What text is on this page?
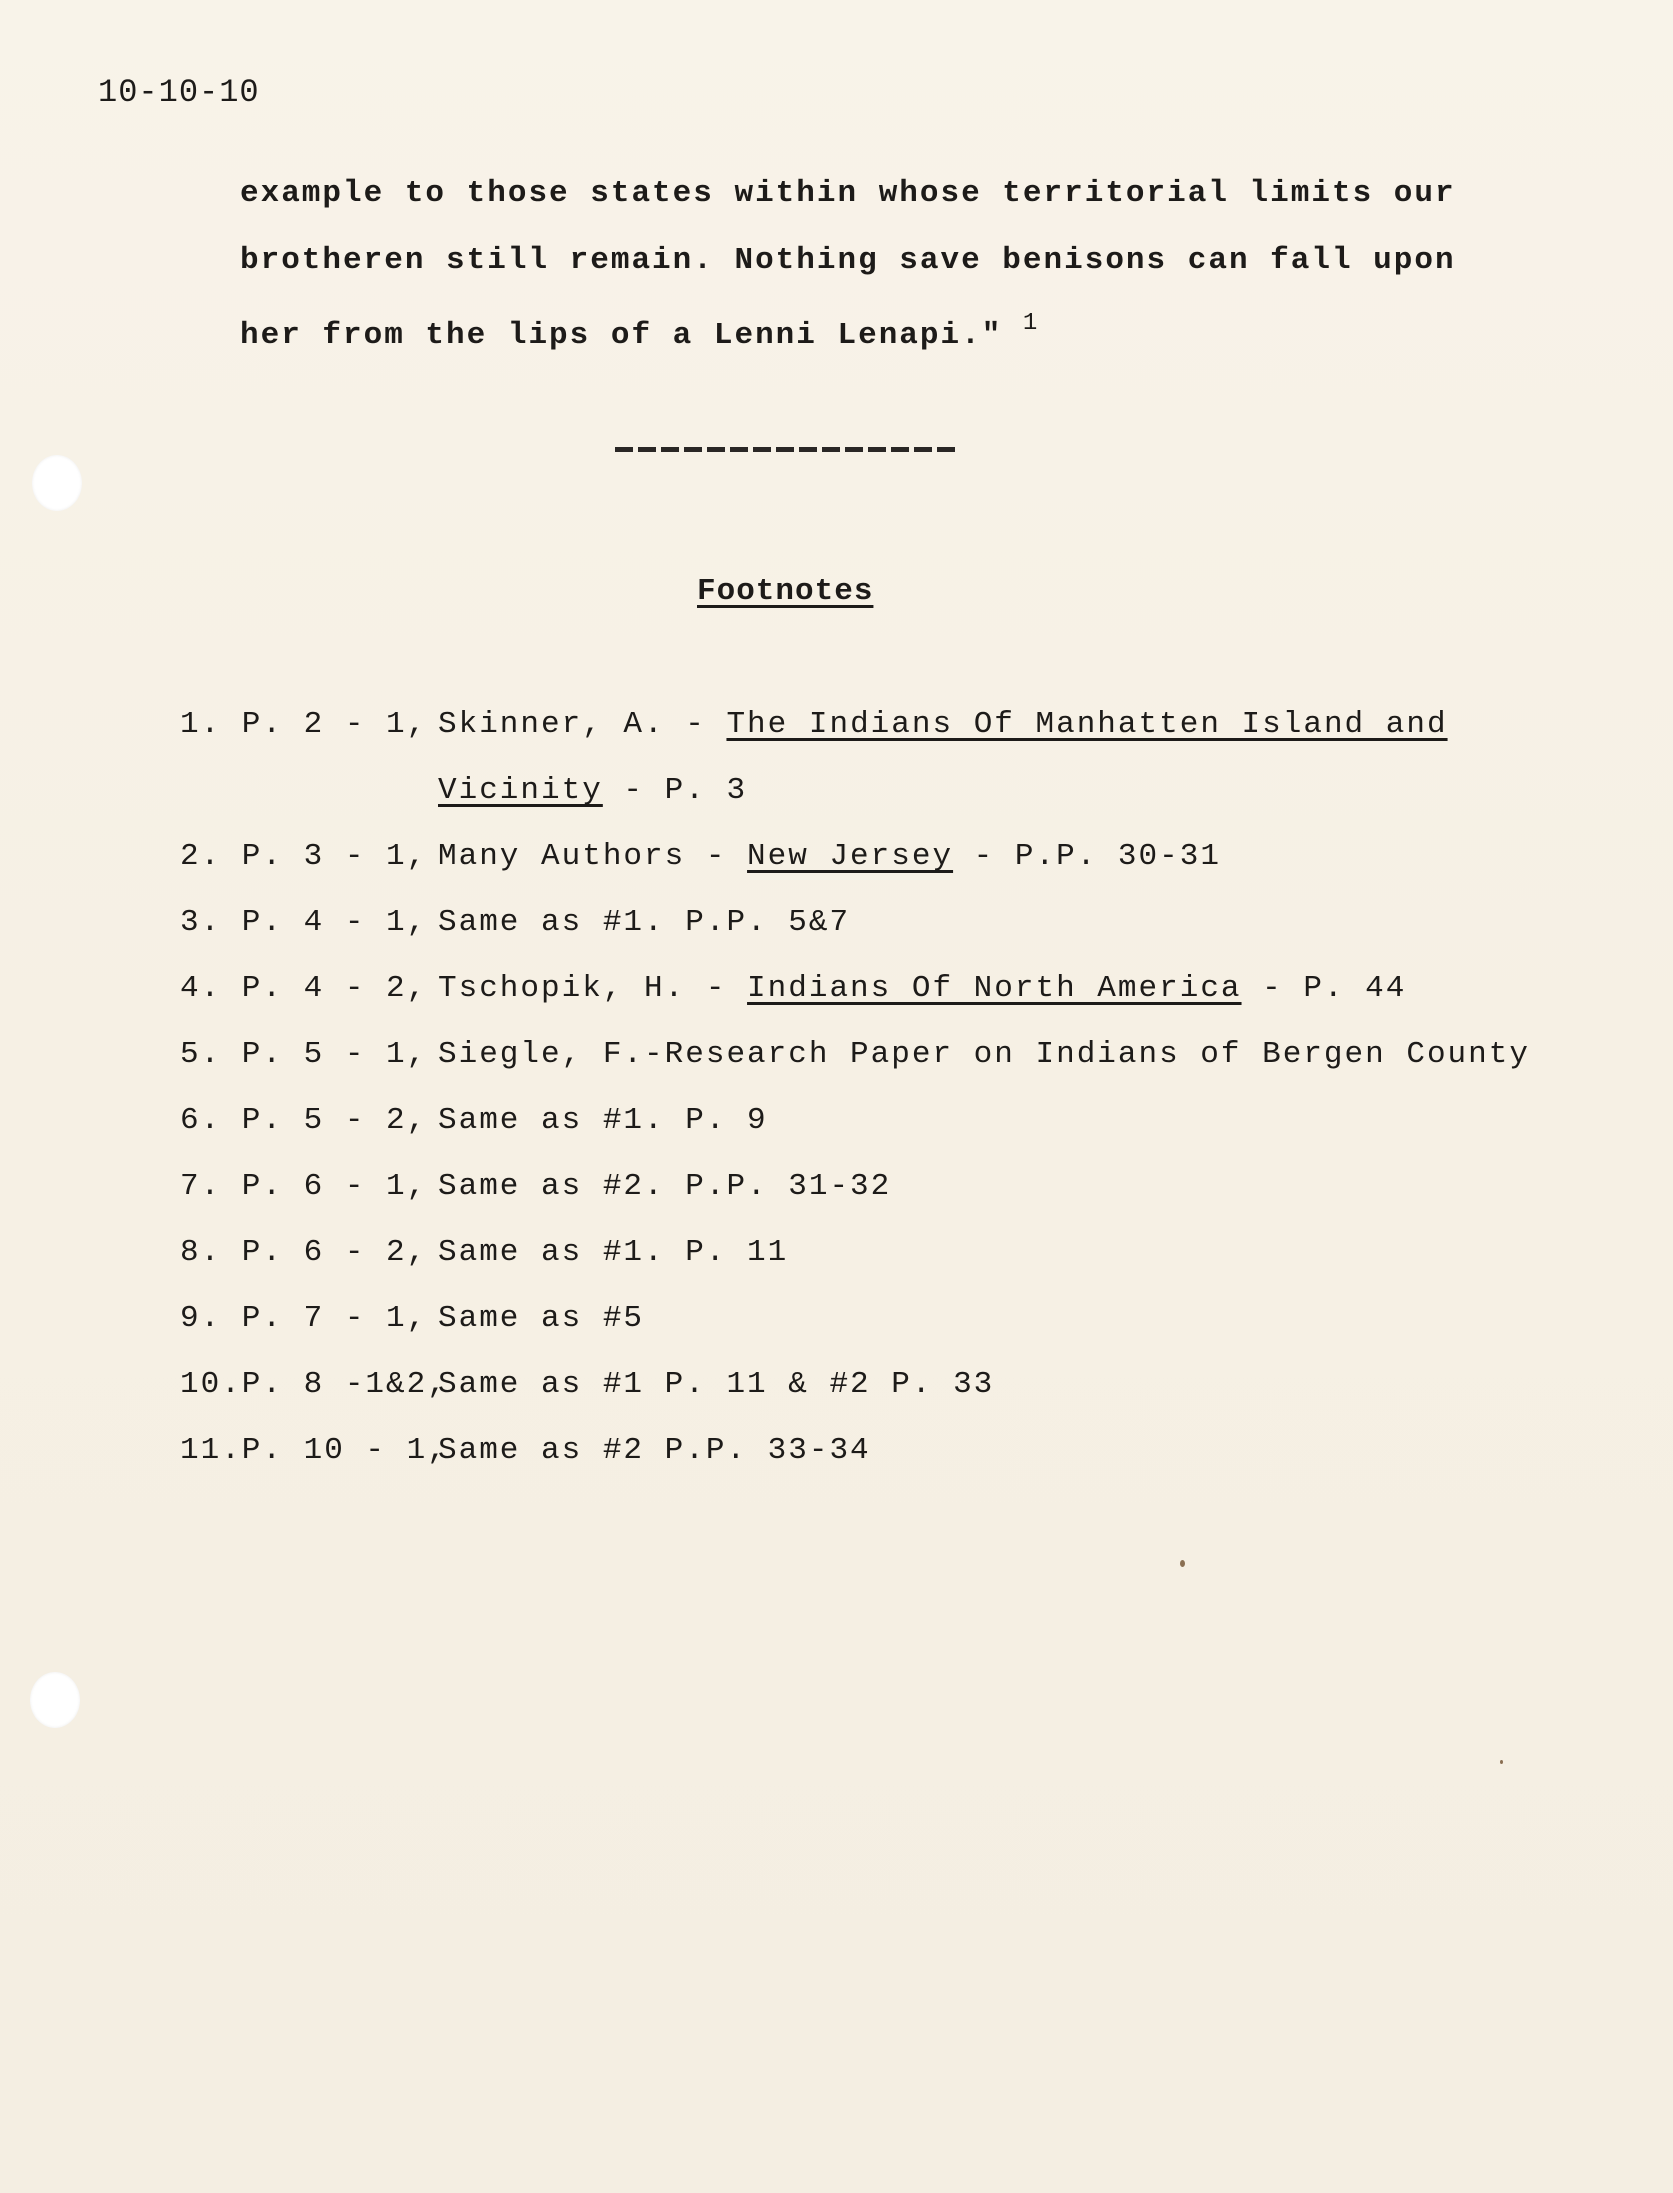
10-10-10
example to those states within whose territorial limits our
brotheren still remain. Nothing save benisons can fall upon
her from the lips of a Lenni Lenapi." $^1$
Footnotes
1. P. 2 - 1, Skinner, A. - The Indians Of Manhatten Island and
Vicinity - P. 3
2. P. 3 - 1, Many Authors - New Jersey - P.P. 30-31
3. P. 4 - 1, Same as #1. P.P. 5&7
4. P. 4 - 2, Tschopik, H. - Indians Of North America - P. 44
5. P. 5 - 1, Siegle, F.-Research Paper on Indians of Bergen County
6. P. 5 - 2, Same as #1. P. 9
7. P. 6 - 1, Same as #2. P.P. 31-32
8. P. 6 - 2, Same as #1. P. 11
9. P. 7 - 1, Same as #5
10.P. 8 -1&2,Same as #1 P. 11 & #2 P. 33
11.P. 10 - 1,Same as #2 P.P. 33-34
